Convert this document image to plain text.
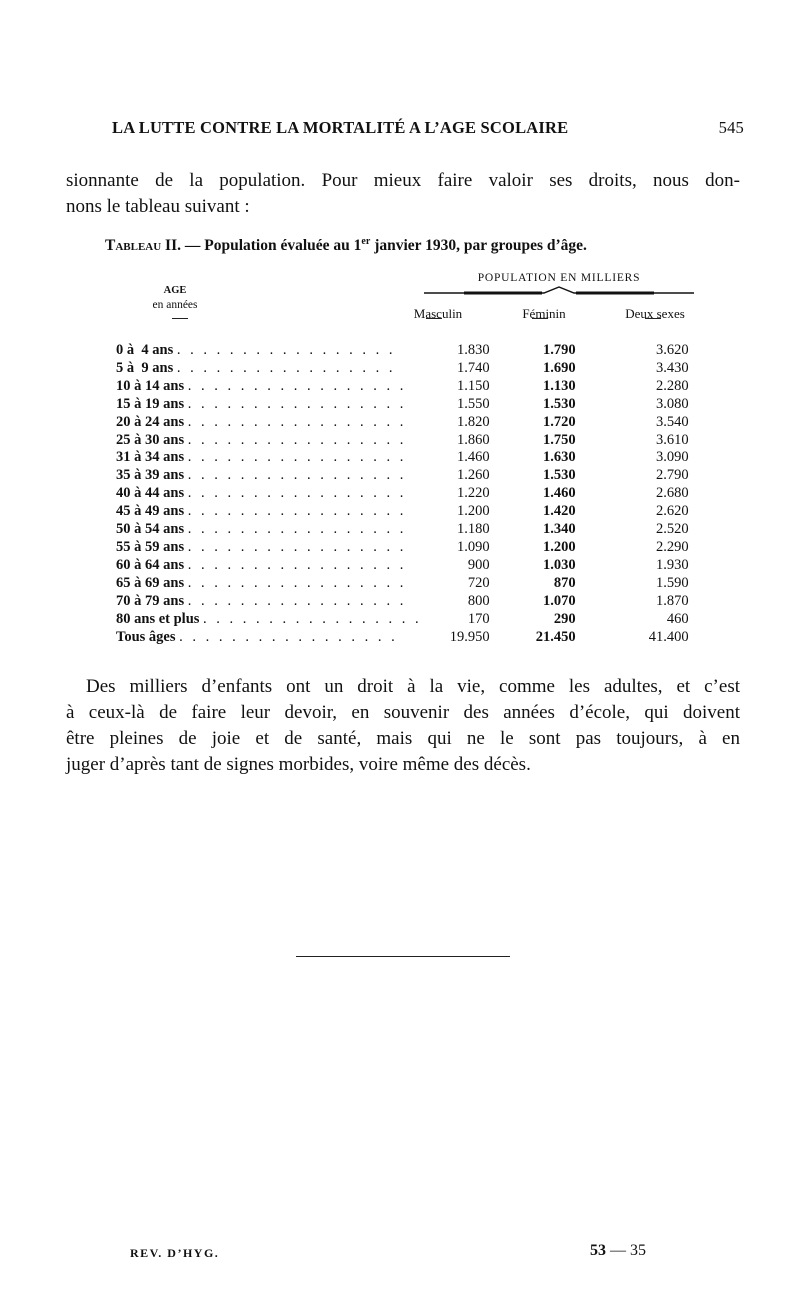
LA LUTTE CONTRE LA MORTALITÉ A L’AGE SCOLAIRE	545
sionnante de la population. Pour mieux faire valoir ses droits, nous don-
nons le tableau suivant :
Tableau II. — Population évaluée au 1er janvier 1930, par groupes d’âge.
POPULATION EN MILLIERS
AGE
en années
Masculin	Féminin	Deux sexes
0 à  4 ans . . . . . . . . . . . . . . . . .	1.830	1.790	3.620
5 à  9 ans . . . . . . . . . . . . . . . . .	1.740	1.690	3.430
10 à 14 ans . . . . . . . . . . . . . . . . .	1.150	1.130	2.280
15 à 19 ans . . . . . . . . . . . . . . . . .	1.550	1.530	3.080
20 à 24 ans . . . . . . . . . . . . . . . . .	1.820	1.720	3.540
25 à 30 ans . . . . . . . . . . . . . . . . .	1.860	1.750	3.610
31 à 34 ans . . . . . . . . . . . . . . . . .	1.460	1.630	3.090
35 à 39 ans . . . . . . . . . . . . . . . . .	1.260	1.530	2.790
40 à 44 ans . . . . . . . . . . . . . . . . .	1.220	1.460	2.680
45 à 49 ans . . . . . . . . . . . . . . . . .	1.200	1.420	2.620
50 à 54 ans . . . . . . . . . . . . . . . . .	1.180	1.340	2.520
55 à 59 ans . . . . . . . . . . . . . . . . .	1.090	1.200	2.290
60 à 64 ans . . . . . . . . . . . . . . . . .	900	1.030	1.930
65 à 69 ans . . . . . . . . . . . . . . . . .	720	870	1.590
70 à 79 ans . . . . . . . . . . . . . . . . .	800	1.070	1.870
80 ans et plus . . . . . . . . . . . . . . . . .	170	290	460
Tous âges . . . . . . . . . . . . . . . . .	19.950	21.450	41.400
Des milliers d’enfants ont un droit à la vie, comme les adultes, et c’est
à ceux-là de faire leur devoir, en souvenir des années d’école, qui doivent
être pleines de joie et de santé, mais qui ne le sont pas toujours, à en
juger d’après tant de signes morbides, voire même des décès.
REV. D’HYG.	53 — 35
